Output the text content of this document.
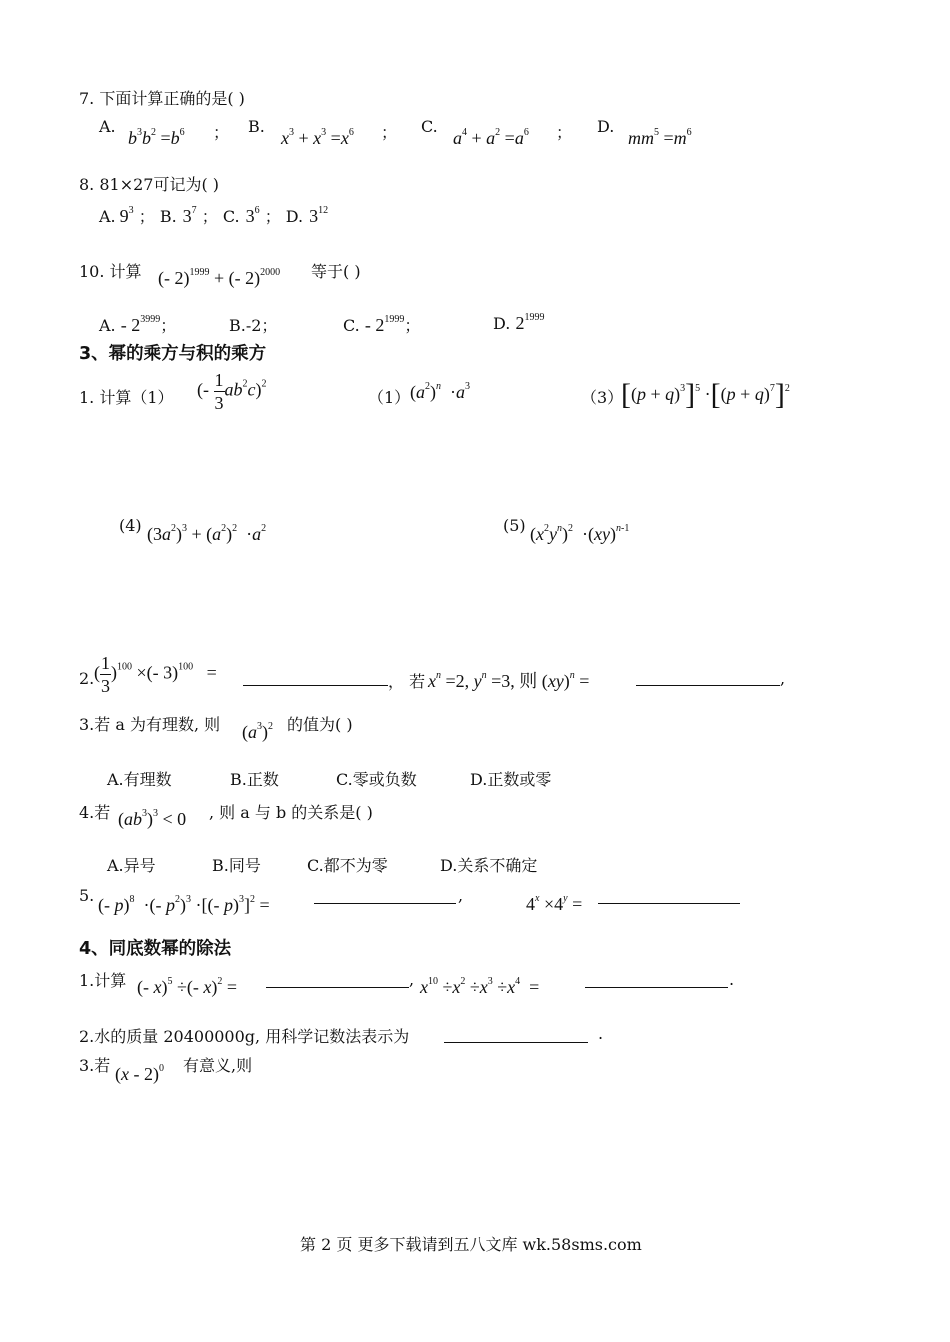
7. 下面计算正确的是( )
A.
$b^3b^2 =b^6$ ； B.
$x^3 + x^3 =x^6$ ； C.
$a^4 + a^2 =a^6$ ； D.
$mm^5 =m^6$
8. 81×27可记为( )
A. $9^3$ ； B. $3^7$ ； C. $3^6$ ； D. $3^{12}$
10. 计算 (- 2)$^{1999}$ + (- 2)$^{2000}$ 等于( )
A. - $2^{3999}$；	B.-2；	C. - $2^{1999}$；	D. $2^{1999}$
3、幂的乘方与积的乘方
1. 计算（1） (- $\frac{1}{3} ab^2c)^2$
（1） $(a^2)^n \cdot a^3$
（3）
$[(p + q)^3]^5 \cdot[(p + q)^7]^2$
(4) $(3a^2)^3 + (a^2)^2 \cdot a^2$	(5) $(x^2y^n)^2 \cdot(xy)^{n-1}$
2. ( $\frac{1}{3} )^{100}$ ×(- 3)$^{100}$   =	， 若 $x^n =2$, $y^n =3$, 则 (xy)$^n$ =	,
3.若 a 为有理数, 则 $(a^3)^2$ 的值为( )
A.有理数	B.正数	C.零或负数	D.正数或零
4.若 $(ab^3)^3 < 0$ , 则 a 与 b 的关系是( )
A.异号	B.同号	C.都不为零	D.关系不确定
5. (- p)$^8$  ·(- $p^2)^3$ ·[(- p)$^3$]$^2$ =	,	$4^x \times 4^y$ =
4、同底数幂的除法
1.计算 (- x)$^5$ ÷(- x)$^2$ =	, $x^{10} \div x^2 \div x^3 \div x^4$  =	.
2.水的质量 20400000g, 用科学记数法表示为	.
3.若 (x - 2)$^0$ 有意义,则
第 2 页 更多下载请到五八文库 wk.58sms.com
